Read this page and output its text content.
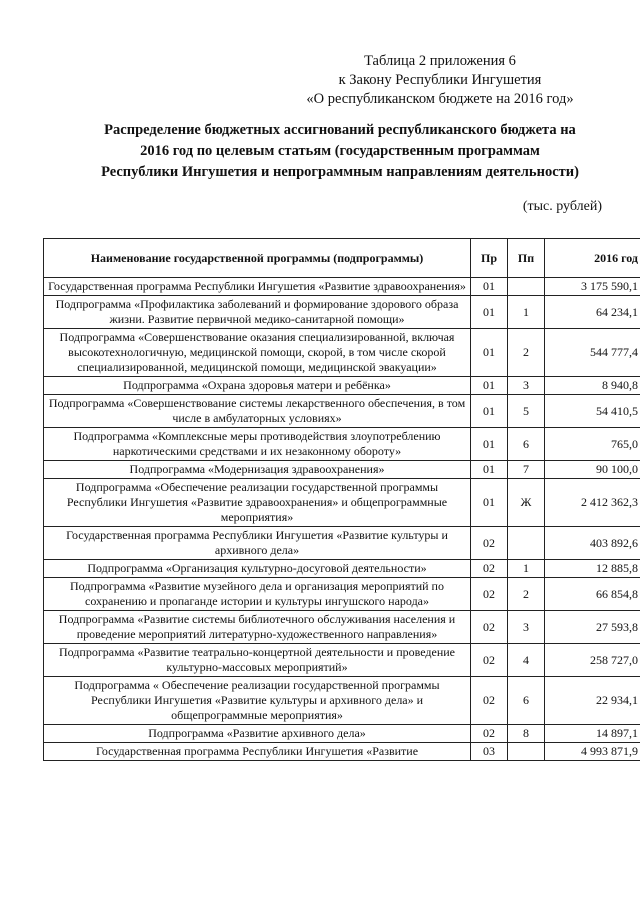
Таблица 2 приложения 6
к Закону Республики Ингушетия
«О республиканском бюджете на 2016 год»
Распределение бюджетных ассигнований республиканского бюджета на
2016 год по целевым статьям (государственным программам
Республики Ингушетия и непрограммным направлениям деятельности)
(тыс. рублей)
Наименование государственной программы (подпрограммы)	Пр	Пп	2016 год
Государственная программа Республики Ингушетия «Развитие здравоохранения»	01		3 175 590,1
Подпрограмма «Профилактика заболеваний и формирование здорового образа жизни. Развитие первичной медико-санитарной помощи»	01	1	64 234,1
Подпрограмма «Совершенствование оказания специализированной, включая высокотехнологичную, медицинской помощи, скорой, в том числе скорой специализированной, медицинской помощи, медицинской эвакуации»	01	2	544 777,4
Подпрограмма «Охрана здоровья матери и ребёнка»	01	3	8 940,8
Подпрограмма «Совершенствование системы лекарственного обеспечения, в том числе в амбулаторных условиях»	01	5	54 410,5
Подпрограмма «Комплексные меры противодействия злоупотреблению наркотическими средствами и их незаконному обороту»	01	6	765,0
Подпрограмма «Модернизация здравоохранения»	01	7	90 100,0
Подпрограмма «Обеспечение реализации государственной программы Республики Ингушетия «Развитие здравоохранения» и общепрограммные мероприятия»	01	Ж	2 412 362,3
Государственная программа Республики Ингушетия «Развитие культуры и архивного дела»	02		403 892,6
Подпрограмма «Организация культурно-досуговой деятельности»	02	1	12 885,8
Подпрограмма «Развитие музейного дела и организация мероприятий по сохранению и пропаганде истории и культуры ингушского народа»	02	2	66 854,8
Подпрограмма «Развитие системы библиотечного обслуживания населения и проведение мероприятий литературно-художественного направления»	02	3	27 593,8
Подпрограмма «Развитие театрально-концертной деятельности и проведение культурно-массовых мероприятий»	02	4	258 727,0
Подпрограмма « Обеспечение реализации государственной программы Республики Ингушетия «Развитие культуры и архивного дела» и общепрограммные мероприятия»	02	6	22 934,1
Подпрограмма «Развитие архивного дела»	02	8	14 897,1
Государственная программа Республики Ингушетия «Развитие	03		4 993 871,9
